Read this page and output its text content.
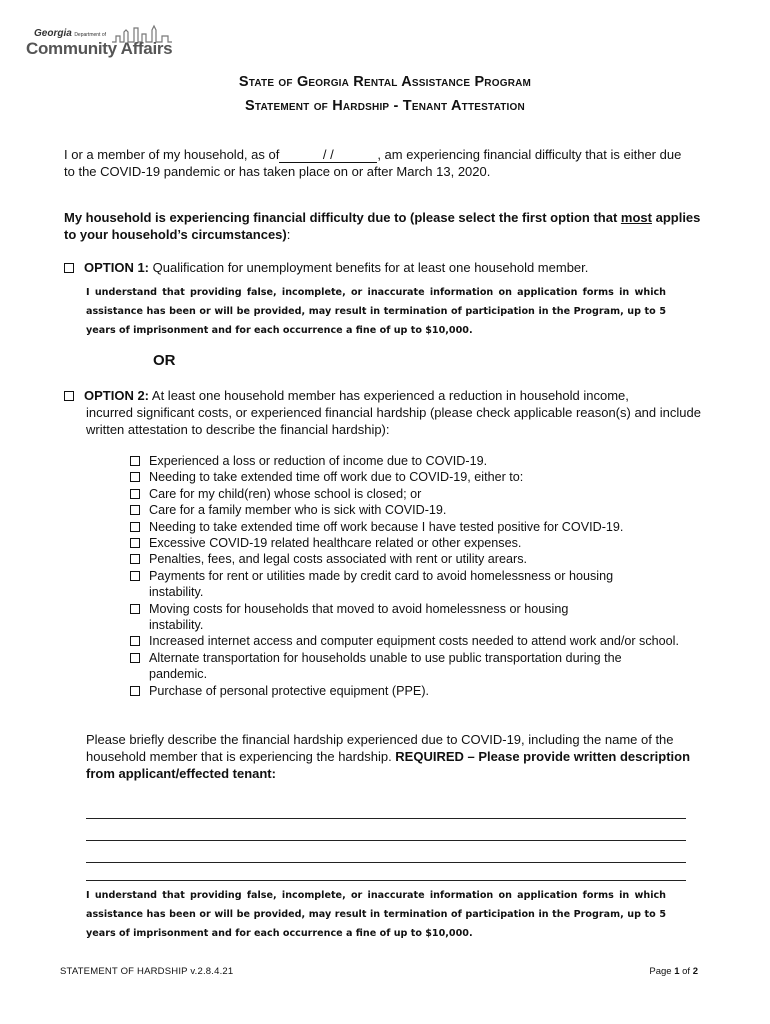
Georgia Department of
Community Affairs
State of Georgia Rental Assistance Program
Statement of Hardship - Tenant Attestation
I or a member of my household, as of	/ /	, am experiencing financial difficulty that is either due to the COVID-19 pandemic or has taken place on or after March 13, 2020.
My household is experiencing financial difficulty due to (please select the first option that most applies to your household’s circumstances):
OPTION 1: Qualification for unemployment benefits for at least one household member.
I understand that providing false, incomplete, or inaccurate information on application forms in which assistance has been or will be provided, may result in termination of participation in the Program, up to 5 years of imprisonment and for each occurrence a fine of up to $10,000.
OR
OPTION 2: At least one household member has experienced a reduction in household income,
incurred significant costs, or experienced financial hardship (please check applicable reason(s) and include written attestation to describe the financial hardship):
Experienced a loss or reduction of income due to COVID-19.
Needing to take extended time off work due to COVID-19, either to:
Care for my child(ren) whose school is closed; or
Care for a family member who is sick with COVID-19.
Needing to take extended time off work because I have tested positive for COVID-19.
Excessive COVID-19 related healthcare related or other expenses.
Penalties, fees, and legal costs associated with rent or utility arears.
Payments for rent or utilities made by credit card to avoid homelessness or housing instability.
Moving costs for households that moved to avoid homelessness or housing instability.
Increased internet access and computer equipment costs needed to attend work and/or school.
Alternate transportation for households unable to use public transportation during the pandemic.
Purchase of personal protective equipment (PPE).
Please briefly describe the financial hardship experienced due to COVID-19, including the name of the household member that is experiencing the hardship. REQUIRED – Please provide written description from applicant/effected tenant:
I understand that providing false, incomplete, or inaccurate information on application forms in which assistance has been or will be provided, may result in termination of participation in the Program, up to 5 years of imprisonment and for each occurrence a fine of up to $10,000.
STATEMENT OF HARDSHIP v.2.8.4.21	Page 1 of 2
